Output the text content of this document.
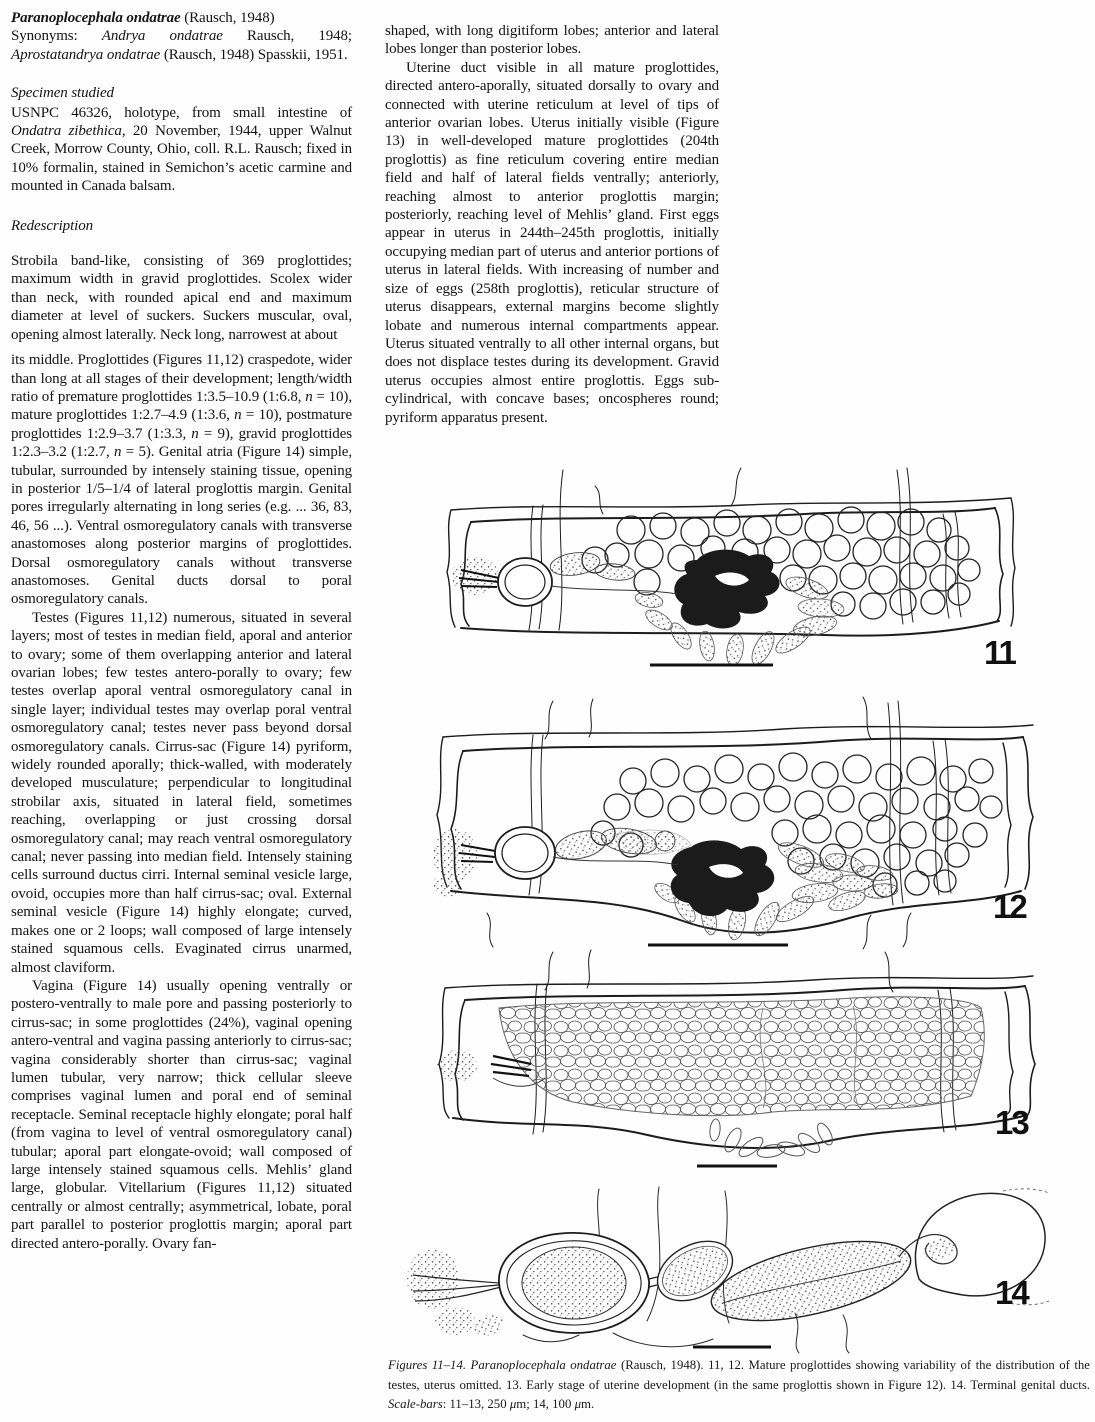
Paranoplocephala ondatrae (Rausch, 1948)
Synonyms: Andrya ondatrae Rausch, 1948; Aprostatandrya ondatrae (Rausch, 1948) Spasskii, 1951.
Specimen studied
USNPC 46326, holotype, from small intestine of Ondatra zibethica, 20 November, 1944, upper Walnut Creek, Morrow County, Ohio, coll. R.L. Rausch; fixed in 10% formalin, stained in Semichon’s acetic carmine and mounted in Canada balsam.
Redescription
Strobila band-like, consisting of 369 proglottides; maximum width in gravid proglottides. Scolex wider than neck, with rounded apical end and maximum diameter at level of suckers. Suckers muscular, oval, opening almost laterally. Neck long, narrowest at about
its middle. Proglottides (Figures 11,12) craspedote, wider than long at all stages of their development; length/width ratio of premature proglottides 1:3.5–10.9 (1:6.8, n = 10), mature proglottides 1:2.7–4.9 (1:3.6, n = 10), postmature proglottides 1:2.9–3.7 (1:3.3, n = 9), gravid proglottides 1:2.3–3.2 (1:2.7, n = 5). Genital atria (Figure 14) simple, tubular, surrounded by intensely staining tissue, opening in posterior 1/5–1/4 of lateral proglottis margin. Genital pores irregularly alternating in long series (e.g. ... 36, 83, 46, 56 ...). Ventral osmoregulatory canals with transverse anastomoses along posterior margins of proglottides. Dorsal osmoregulatory canals without transverse anastomoses. Genital ducts dorsal to poral osmoregulatory canals.
Testes (Figures 11,12) numerous, situated in several layers; most of testes in median field, aporal and anterior to ovary; some of them overlapping anterior and lateral ovarian lobes; few testes antero-porally to ovary; few testes overlap aporal ventral osmoregulatory canal in single layer; individual testes may overlap poral ventral osmoregulatory canal; testes never pass beyond dorsal osmoregulatory canals. Cirrus-sac (Figure 14) pyriform, widely rounded aporally; thick-walled, with moderately developed musculature; perpendicular to longitudinal strobilar axis, situated in lateral field, sometimes reaching, overlapping or just crossing dorsal osmoregulatory canal; may reach ventral osmoregulatory canal; never passing into median field. Intensely staining cells surround ductus cirri. Internal seminal vesicle large, ovoid, occupies more than half cirrus-sac; oval. External seminal vesicle (Figure 14) highly elongate; curved, makes one or 2 loops; wall composed of large intensely stained squamous cells. Evaginated cirrus unarmed, almost claviform.
Vagina (Figure 14) usually opening ventrally or postero-ventrally to male pore and passing posteriorly to cirrus-sac; in some proglottides (24%), vaginal opening antero-ventral and vagina passing anteriorly to cirrus-sac; vagina considerably shorter than cirrus-sac; vaginal lumen tubular, very narrow; thick cellular sleeve comprises vaginal lumen and poral end of seminal receptacle. Seminal receptacle highly elongate; poral half (from vagina to level of ventral osmoregulatory canal) tubular; aporal part elongate-ovoid; wall composed of large intensely stained squamous cells. Mehlis’ gland large, globular. Vitellarium (Figures 11,12) situated centrally or almost centrally; asymmetrical, lobate, poral part parallel to posterior proglottis margin; aporal part directed antero-porally. Ovary fan-
shaped, with long digitiform lobes; anterior and lateral lobes longer than posterior lobes.
Uterine duct visible in all mature proglottides, directed antero-aporally, situated dorsally to ovary and connected with uterine reticulum at level of tips of anterior ovarian lobes. Uterus initially visible (Figure 13) in well-developed mature proglottides (204th proglottis) as fine reticulum covering entire median field and half of lateral fields ventrally; anteriorly, reaching almost to anterior proglottis margin; posteriorly, reaching level of Mehlis’ gland. First eggs appear in uterus in 244th–245th proglottis, initially occupying median part of uterus and anterior portions of uterus in lateral fields. With increasing of number and size of eggs (258th proglottis), reticular structure of uterus disappears, external margins become slightly lobate and numerous internal compartments appear. Uterus situated ventrally to all other internal organs, but does not displace testes during its development. Gravid uterus occupies almost entire proglottis. Eggs sub-cylindrical, with concave bases; oncospheres round; pyriform apparatus present.
11
12
13
14
Figures 11–14. Paranoplocephala ondatrae (Rausch, 1948). 11, 12. Mature proglottides showing variability of the distribution of the testes, uterus omitted. 13. Early stage of uterine development (in the same proglottis shown in Figure 12). 14. Terminal genital ducts. Scale-bars: 11–13, 250 μm; 14, 100 μm.
